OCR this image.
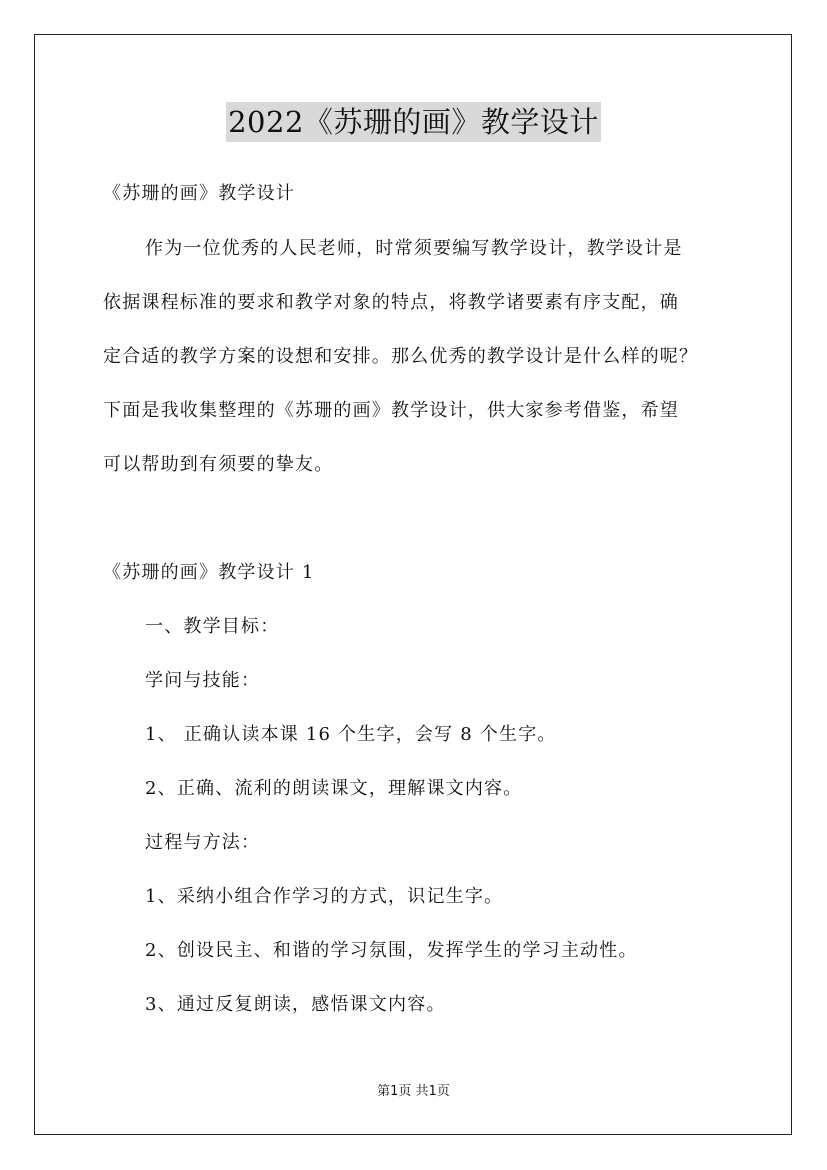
2022《苏珊的画》教学设计
《苏珊的画》教学设计
作为一位优秀的人民老师，时常须要编写教学设计，教学设计是
依据课程标准的要求和教学对象的特点，将教学诸要素有序支配，确
定合适的教学方案的设想和安排。那么优秀的教学设计是什么样的呢？
下面是我收集整理的《苏珊的画》教学设计，供大家参考借鉴，希望
可以帮助到有须要的挚友。
《苏珊的画》教学设计 1
一、教学目标：
学问与技能：
1、 正确认读本课 16 个生字，会写 8 个生字。
2、正确、流利的朗读课文，理解课文内容。
过程与方法：
1、采纳小组合作学习的方式，识记生字。
2、创设民主、和谐的学习氛围，发挥学生的学习主动性。
3、通过反复朗读，感悟课文内容。
第1页 共1页
